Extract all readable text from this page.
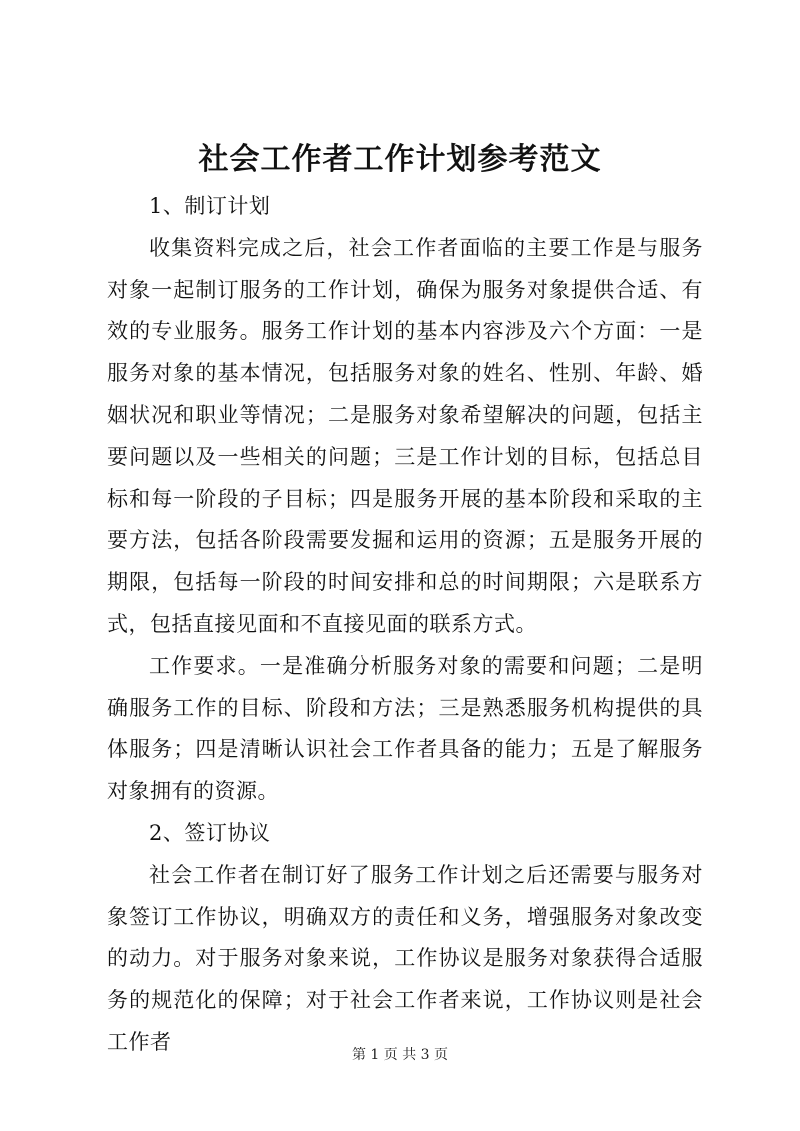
社会工作者工作计划参考范文

1、制订计划

收集资料完成之后，社会工作者面临的主要工作是与服务对象一起制订服务的工作计划，确保为服务对象提供合适、有效的专业服务。服务工作计划的基本内容涉及六个方面：一是服务对象的基本情况，包括服务对象的姓名、性别、年龄、婚姻状况和职业等情况；二是服务对象希望解决的问题，包括主要问题以及一些相关的问题；三是工作计划的目标，包括总目标和每一阶段的子目标；四是服务开展的基本阶段和采取的主要方法，包括各阶段需要发掘和运用的资源；五是服务开展的期限，包括每一阶段的时间安排和总的时间期限；六是联系方式，包括直接见面和不直接见面的联系方式。

工作要求。一是准确分析服务对象的需要和问题；二是明确服务工作的目标、阶段和方法；三是熟悉服务机构提供的具体服务；四是清晰认识社会工作者具备的能力；五是了解服务对象拥有的资源。

2、签订协议

社会工作者在制订好了服务工作计划之后还需要与服务对象签订工作协议，明确双方的责任和义务，增强服务对象改变的动力。对于服务对象来说，工作协议是服务对象获得合适服务的规范化的保障；对于社会工作者来说，工作协议则是社会工作者

第 1 页 共 3 页
